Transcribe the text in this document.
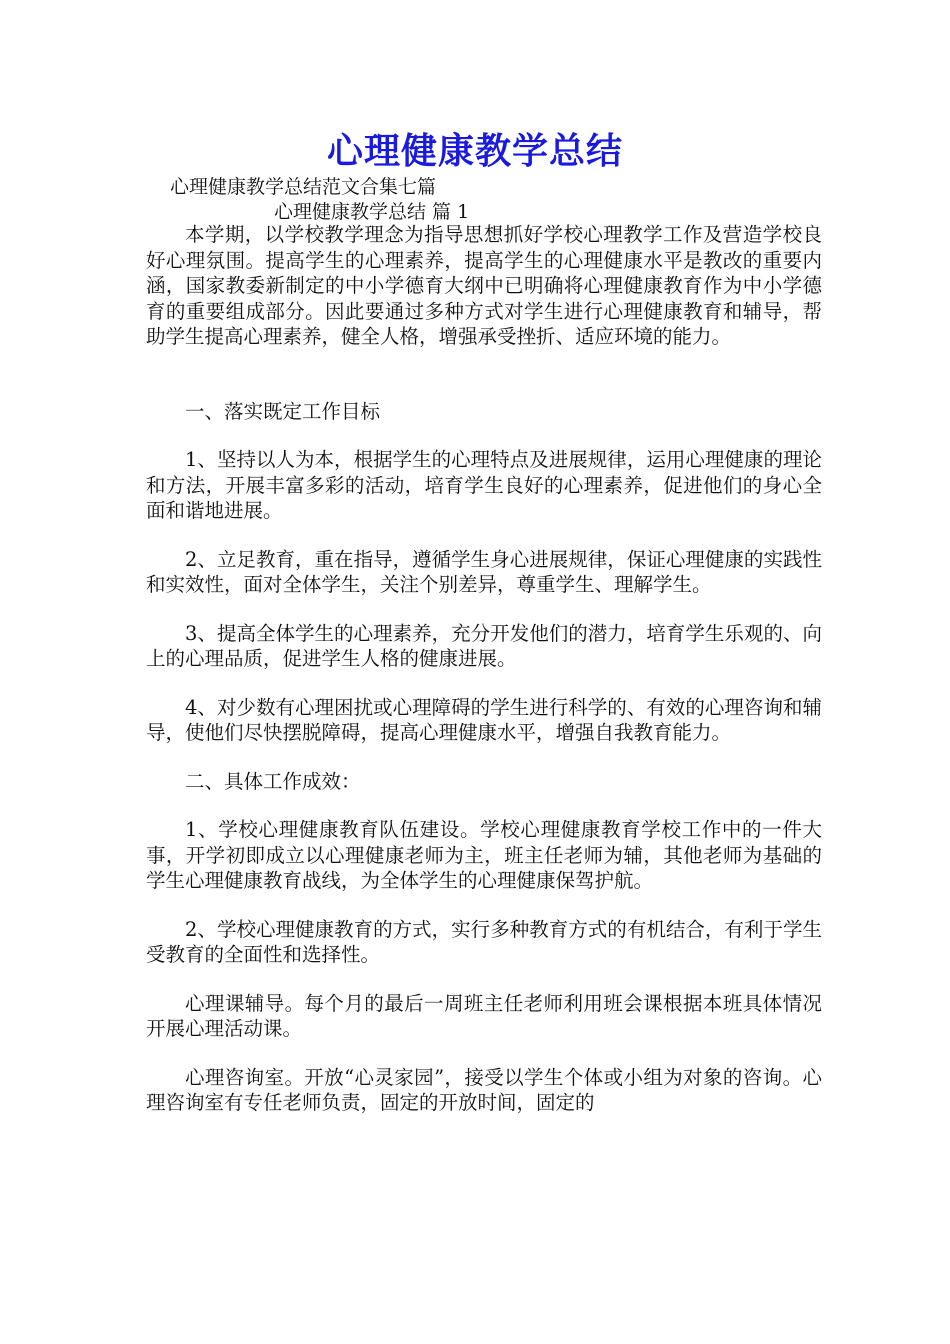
心理健康教学总结
心理健康教学总结范文合集七篇
心理健康教学总结 篇 1

本学期，以学校教学理念为指导思想抓好学校心理教学工作及营造学校良好心理氛围。提高学生的心理素养，提高学生的心理健康水平是教改的重要内涵，国家教委新制定的中小学德育大纲中已明确将心理健康教育作为中小学德育的重要组成部分。因此要通过多种方式对学生进行心理健康教育和辅导，帮助学生提高心理素养，健全人格，增强承受挫折、适应环境的能力。

一、落实既定工作目标

1、坚持以人为本，根据学生的心理特点及进展规律，运用心理健康的理论和方法，开展丰富多彩的活动，培育学生良好的心理素养，促进他们的身心全面和谐地进展。

2、立足教育，重在指导，遵循学生身心进展规律，保证心理健康的实践性和实效性，面对全体学生，关注个别差异，尊重学生、理解学生。

3、提高全体学生的心理素养，充分开发他们的潜力，培育学生乐观的、向上的心理品质，促进学生人格的健康进展。

4、对少数有心理困扰或心理障碍的学生进行科学的、有效的心理咨询和辅导，使他们尽快摆脱障碍，提高心理健康水平，增强自我教育能力。

二、具体工作成效：

1、学校心理健康教育队伍建设。学校心理健康教育学校工作中的一件大事，开学初即成立以心理健康老师为主，班主任老师为辅，其他老师为基础的学生心理健康教育战线，为全体学生的心理健康保驾护航。

2、学校心理健康教育的方式，实行多种教育方式的有机结合，有利于学生受教育的全面性和选择性。

心理课辅导。每个月的最后一周班主任老师利用班会课根据本班具体情况开展心理活动课。

心理咨询室。开放“心灵家园”，接受以学生个体或小组为对象的咨询。心理咨询室有专任老师负责，固定的开放时间，固定的
